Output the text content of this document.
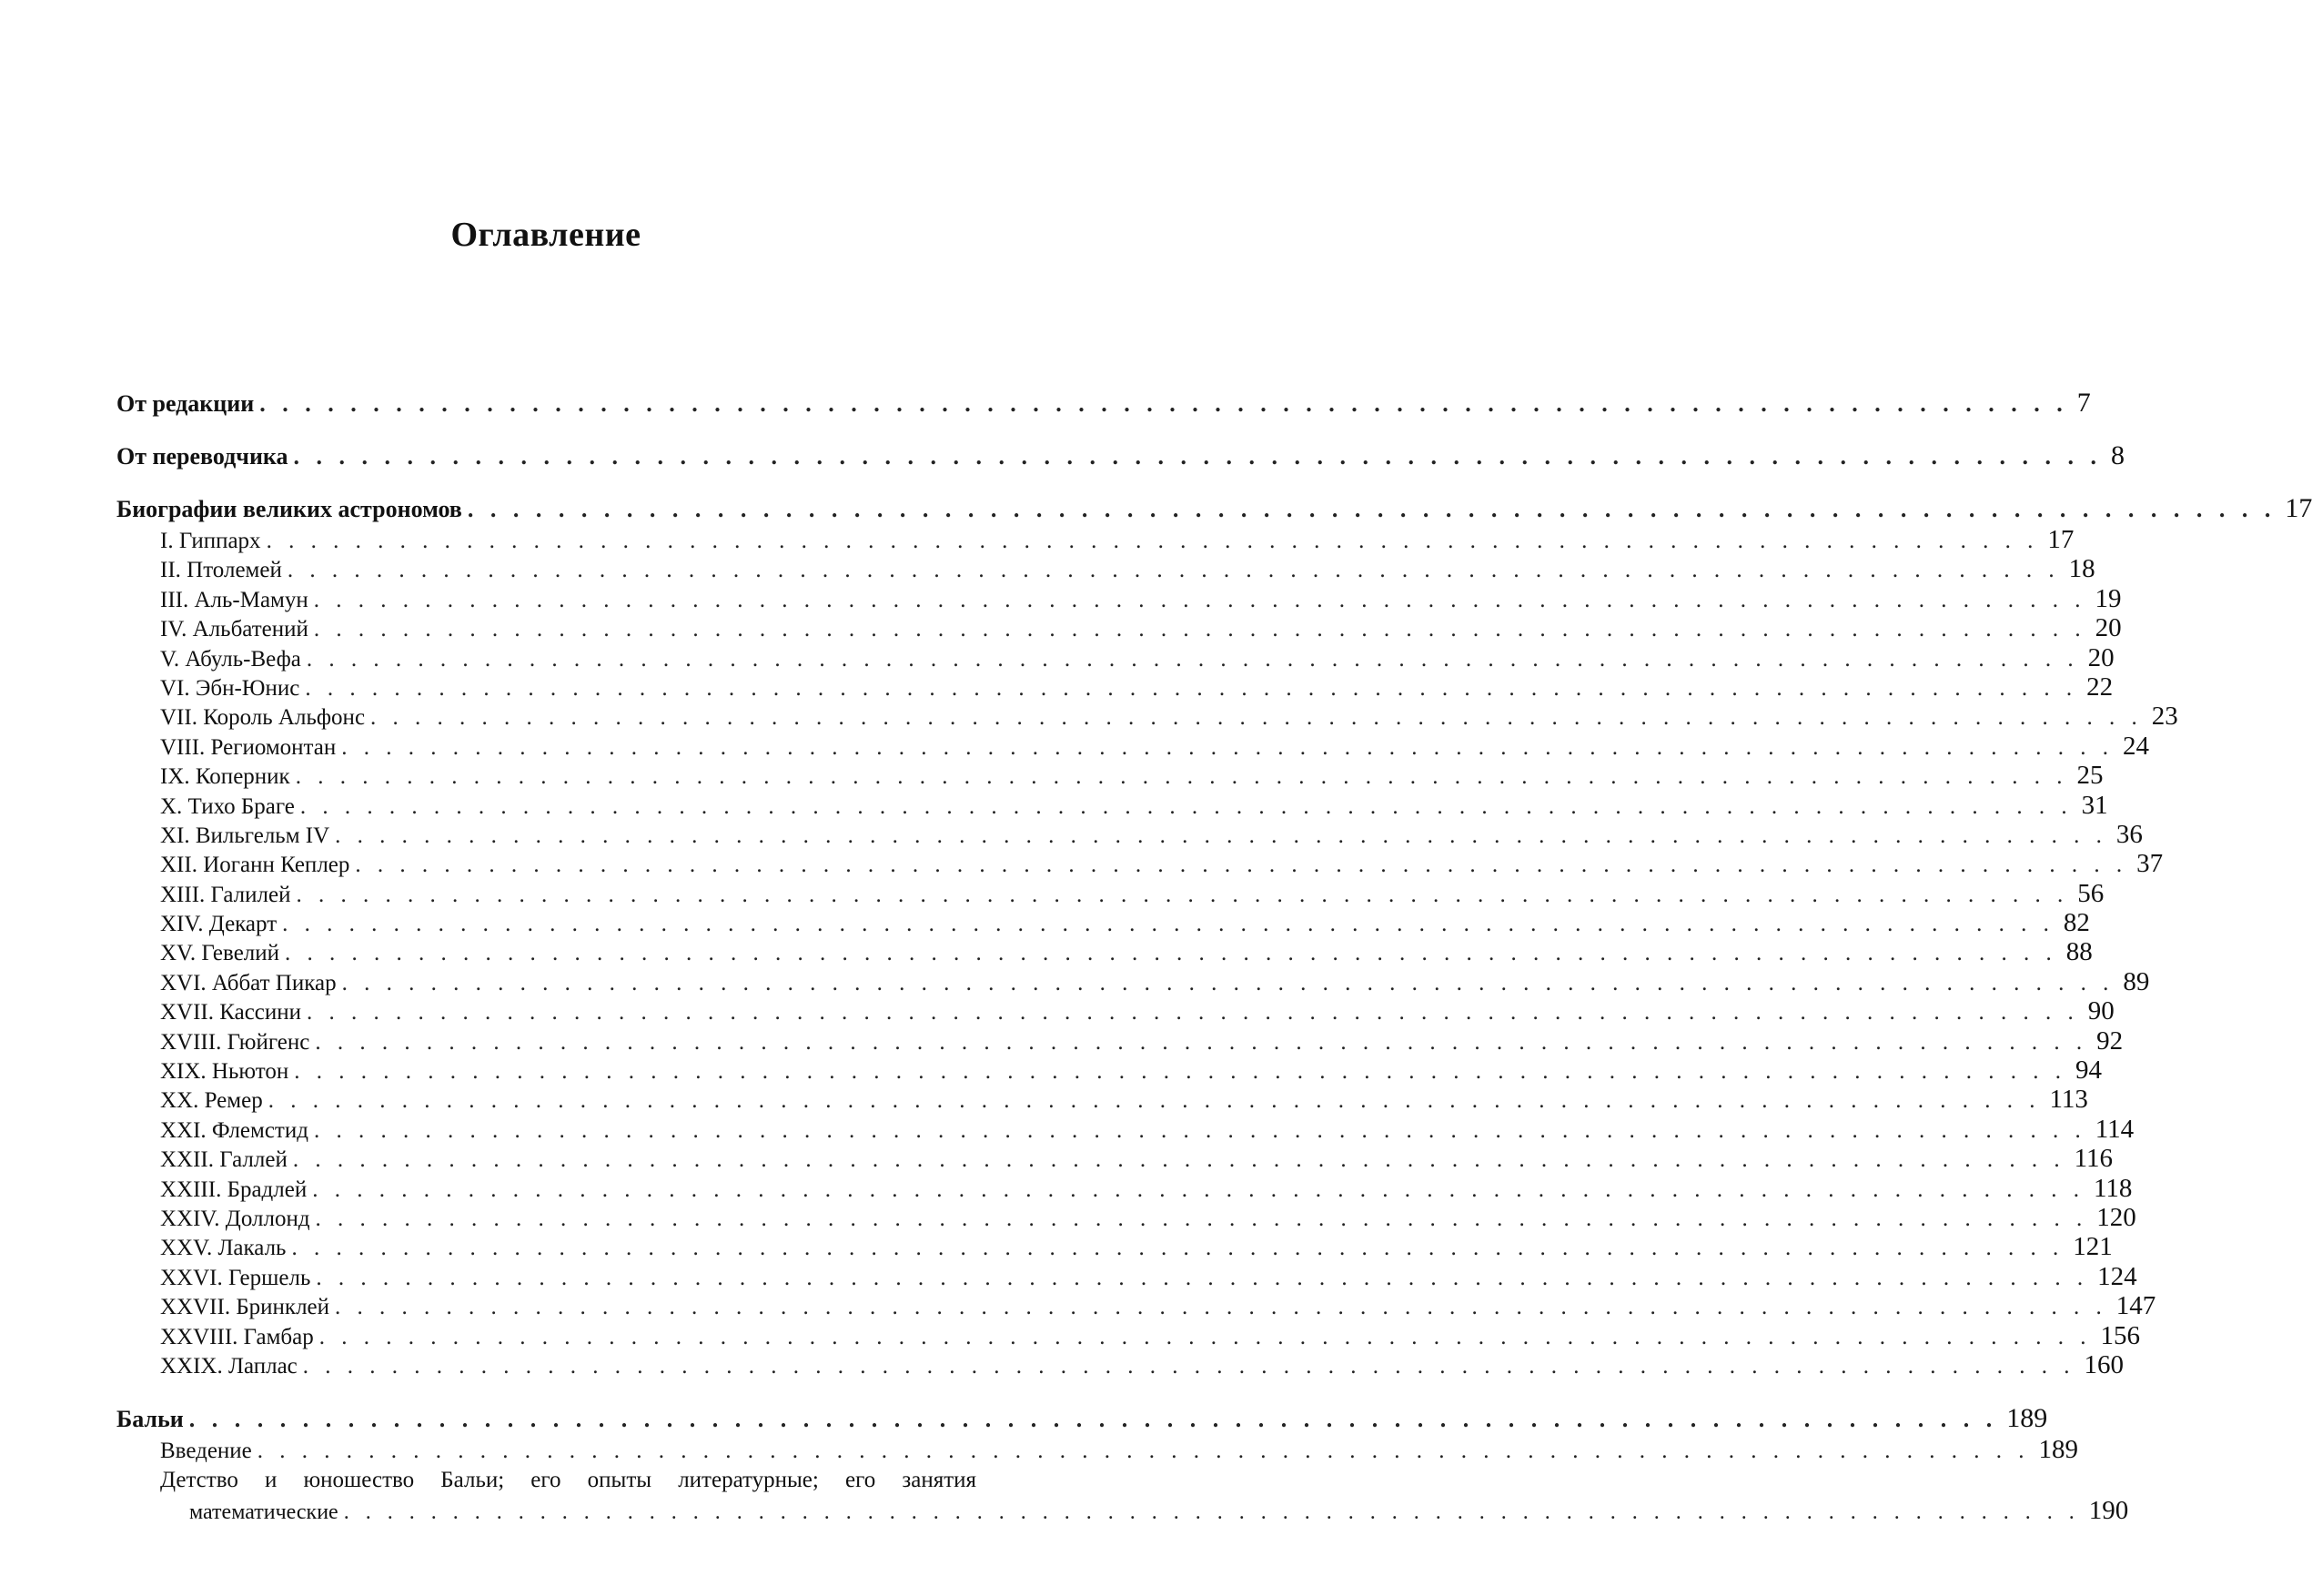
Оглавление
От редакции . . . . . . . . . . . . . . . . . . . . . . . . . . . . . . . . . . . . . . . . . . . . . . . . . . . . . . . . . . . . . . . . . . . . . . . . . . . . . . . . 7
От переводчика . . . . . . . . . . . . . . . . . . . . . . . . . . . . . . . . . . . . . . . . . . . . . . . . . . . . . . . . . . . . . . . . . . . . . . . . . . . . . . . . 8
Биографии великих астрономов . . . . . . . . . . . . . . . . . . . . . . . . . . . . . . . . . . . . . . . . . . . . . . . . . . . . . . . . . . . . . . . . . . . . . . . . . . . . . . . . 17
I. Гиппарх . . . . . . . . . . . . . . . . . . . . . . . . . . . . . . . . . . . . . . . . . . . . . . . . . . . . . . . . . . . . . . . . . . . . . . . . . . . . . . . . 17
II. Птолемей . . . . . . . . . . . . . . . . . . . . . . . . . . . . . . . . . . . . . . . . . . . . . . . . . . . . . . . . . . . . . . . . . . . . . . . . . . . . . . . . 18
III. Аль-Мамун . . . . . . . . . . . . . . . . . . . . . . . . . . . . . . . . . . . . . . . . . . . . . . . . . . . . . . . . . . . . . . . . . . . . . . . . . . . . . . . . 19
IV. Альбатений . . . . . . . . . . . . . . . . . . . . . . . . . . . . . . . . . . . . . . . . . . . . . . . . . . . . . . . . . . . . . . . . . . . . . . . . . . . . . . . . 20
V. Абуль-Вефа . . . . . . . . . . . . . . . . . . . . . . . . . . . . . . . . . . . . . . . . . . . . . . . . . . . . . . . . . . . . . . . . . . . . . . . . . . . . . . . . 20
VI. Эбн-Юнис . . . . . . . . . . . . . . . . . . . . . . . . . . . . . . . . . . . . . . . . . . . . . . . . . . . . . . . . . . . . . . . . . . . . . . . . . . . . . . . . 22
VII. Король Альфонс . . . . . . . . . . . . . . . . . . . . . . . . . . . . . . . . . . . . . . . . . . . . . . . . . . . . . . . . . . . . . . . . . . . . . . . . . . . . . . . . 23
VIII. Региомонтан . . . . . . . . . . . . . . . . . . . . . . . . . . . . . . . . . . . . . . . . . . . . . . . . . . . . . . . . . . . . . . . . . . . . . . . . . . . . . . . . 24
IX. Коперник . . . . . . . . . . . . . . . . . . . . . . . . . . . . . . . . . . . . . . . . . . . . . . . . . . . . . . . . . . . . . . . . . . . . . . . . . . . . . . . . 25
X. Тихо Браге . . . . . . . . . . . . . . . . . . . . . . . . . . . . . . . . . . . . . . . . . . . . . . . . . . . . . . . . . . . . . . . . . . . . . . . . . . . . . . . . 31
XI. Вильгельм IV . . . . . . . . . . . . . . . . . . . . . . . . . . . . . . . . . . . . . . . . . . . . . . . . . . . . . . . . . . . . . . . . . . . . . . . . . . . . . . . . 36
XII. Иоганн Кеплер . . . . . . . . . . . . . . . . . . . . . . . . . . . . . . . . . . . . . . . . . . . . . . . . . . . . . . . . . . . . . . . . . . . . . . . . . . . . . . . . 37
XIII. Галилей . . . . . . . . . . . . . . . . . . . . . . . . . . . . . . . . . . . . . . . . . . . . . . . . . . . . . . . . . . . . . . . . . . . . . . . . . . . . . . . . 56
XIV. Декарт . . . . . . . . . . . . . . . . . . . . . . . . . . . . . . . . . . . . . . . . . . . . . . . . . . . . . . . . . . . . . . . . . . . . . . . . . . . . . . . . 82
XV. Гевелий . . . . . . . . . . . . . . . . . . . . . . . . . . . . . . . . . . . . . . . . . . . . . . . . . . . . . . . . . . . . . . . . . . . . . . . . . . . . . . . . 88
XVI. Аббат Пикар . . . . . . . . . . . . . . . . . . . . . . . . . . . . . . . . . . . . . . . . . . . . . . . . . . . . . . . . . . . . . . . . . . . . . . . . . . . . . . . . 89
XVII. Кассини . . . . . . . . . . . . . . . . . . . . . . . . . . . . . . . . . . . . . . . . . . . . . . . . . . . . . . . . . . . . . . . . . . . . . . . . . . . . . . . . 90
XVIII. Гюйгенс . . . . . . . . . . . . . . . . . . . . . . . . . . . . . . . . . . . . . . . . . . . . . . . . . . . . . . . . . . . . . . . . . . . . . . . . . . . . . . . . 92
XIX. Ньютон . . . . . . . . . . . . . . . . . . . . . . . . . . . . . . . . . . . . . . . . . . . . . . . . . . . . . . . . . . . . . . . . . . . . . . . . . . . . . . . . 94
XX. Ремер . . . . . . . . . . . . . . . . . . . . . . . . . . . . . . . . . . . . . . . . . . . . . . . . . . . . . . . . . . . . . . . . . . . . . . . . . . . . . . . . 113
XXI. Флемстид . . . . . . . . . . . . . . . . . . . . . . . . . . . . . . . . . . . . . . . . . . . . . . . . . . . . . . . . . . . . . . . . . . . . . . . . . . . . . . . . 114
XXII. Галлей . . . . . . . . . . . . . . . . . . . . . . . . . . . . . . . . . . . . . . . . . . . . . . . . . . . . . . . . . . . . . . . . . . . . . . . . . . . . . . . . 116
XXIII. Брадлей . . . . . . . . . . . . . . . . . . . . . . . . . . . . . . . . . . . . . . . . . . . . . . . . . . . . . . . . . . . . . . . . . . . . . . . . . . . . . . . . 118
XXIV. Доллонд . . . . . . . . . . . . . . . . . . . . . . . . . . . . . . . . . . . . . . . . . . . . . . . . . . . . . . . . . . . . . . . . . . . . . . . . . . . . . . . . 120
XXV. Лакаль . . . . . . . . . . . . . . . . . . . . . . . . . . . . . . . . . . . . . . . . . . . . . . . . . . . . . . . . . . . . . . . . . . . . . . . . . . . . . . . . 121
XXVI. Гершель . . . . . . . . . . . . . . . . . . . . . . . . . . . . . . . . . . . . . . . . . . . . . . . . . . . . . . . . . . . . . . . . . . . . . . . . . . . . . . . . 124
XXVII. Бринклей . . . . . . . . . . . . . . . . . . . . . . . . . . . . . . . . . . . . . . . . . . . . . . . . . . . . . . . . . . . . . . . . . . . . . . . . . . . . . . . . 147
XXVIII. Гамбар . . . . . . . . . . . . . . . . . . . . . . . . . . . . . . . . . . . . . . . . . . . . . . . . . . . . . . . . . . . . . . . . . . . . . . . . . . . . . . . . 156
XXIX. Лаплас . . . . . . . . . . . . . . . . . . . . . . . . . . . . . . . . . . . . . . . . . . . . . . . . . . . . . . . . . . . . . . . . . . . . . . . . . . . . . . . . 160
Бальи . . . . . . . . . . . . . . . . . . . . . . . . . . . . . . . . . . . . . . . . . . . . . . . . . . . . . . . . . . . . . . . . . . . . . . . . . . . . . . . . 189
Введение . . . . . . . . . . . . . . . . . . . . . . . . . . . . . . . . . . . . . . . . . . . . . . . . . . . . . . . . . . . . . . . . . . . . . . . . . . . . . . . . 189
Детство и юношество Бальи; его опыты литературные; его занятия
математические . . . . . . . . . . . . . . . . . . . . . . . . . . . . . . . . . . . . . . . . . . . . . . . . . . . . . . . . . . . . . . . . . . . . . . . . . . . . . . . . 190
